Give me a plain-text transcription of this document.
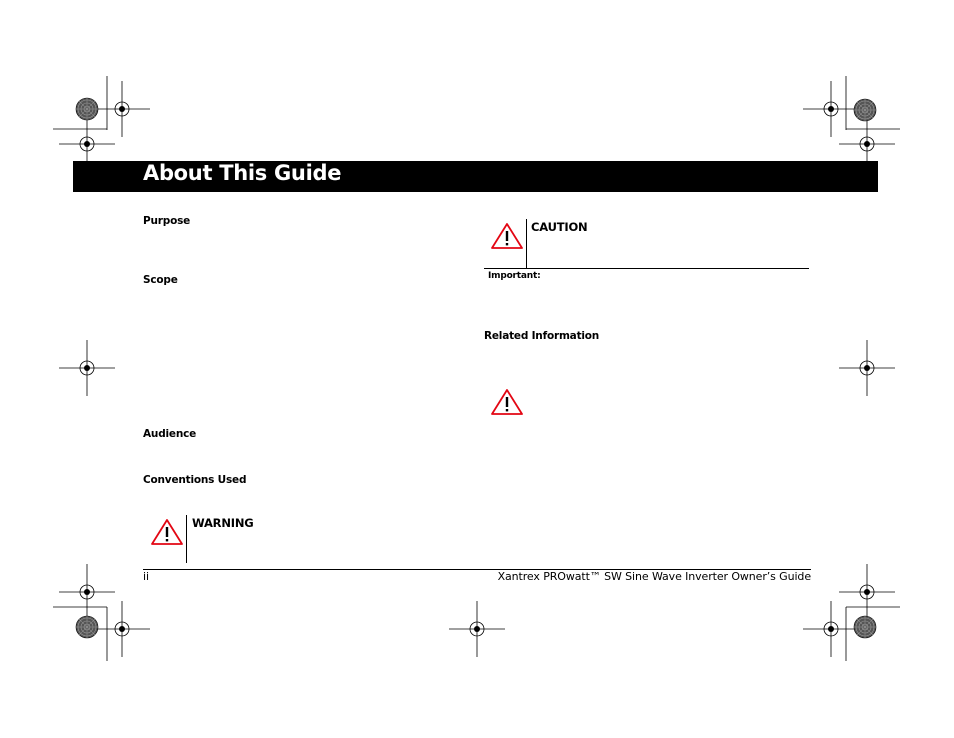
About This Guide
Purpose
Scope
Audience
Conventions Used
WARNING
CAUTION
Important:
Related Information
ii	Xantrex PROwatt™ SW Sine Wave Inverter Owner’s Guide
